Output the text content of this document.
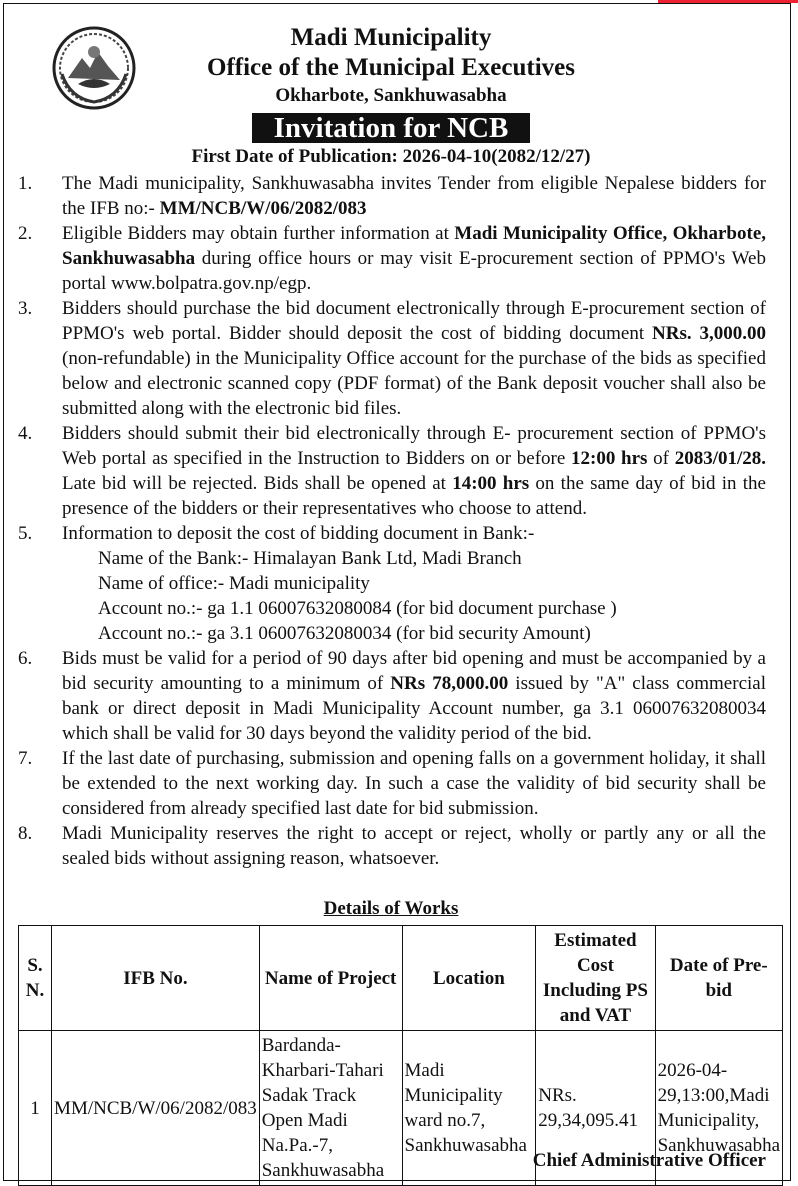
Madi Municipality
Office of the Municipal Executives
Okharbote, Sankhuwasabha
Invitation for NCB
First Date of Publication: 2026-04-10(2082/12/27)
1. The Madi municipality, Sankhuwasabha invites Tender from eligible Nepalese bidders for the IFB no:- MM/NCB/W/06/2082/083
2. Eligible Bidders may obtain further information at Madi Municipality Office, Okharbote, Sankhuwasabha during office hours or may visit E-procurement section of PPMO's Web portal www.bolpatra.gov.np/egp.
3. Bidders should purchase the bid document electronically through E-procurement section of PPMO's web portal. Bidder should deposit the cost of bidding document NRs. 3,000.00 (non-refundable) in the Municipality Office account for the purchase of the bids as specified below and electronic scanned copy (PDF format) of the Bank deposit voucher shall also be submitted along with the electronic bid files.
4. Bidders should submit their bid electronically through E- procurement section of PPMO's Web portal as specified in the Instruction to Bidders on or before 12:00 hrs of 2083/01/28. Late bid will be rejected. Bids shall be opened at 14:00 hrs on the same day of bid in the presence of the bidders or their representatives who choose to attend.
5. Information to deposit the cost of bidding document in Bank:-
Name of the Bank:- Himalayan Bank Ltd, Madi Branch
Name of office:- Madi municipality
Account no.:- ga 1.1 06007632080084 (for bid document purchase )
Account no.:- ga 3.1 06007632080034 (for bid security Amount)
6. Bids must be valid for a period of 90 days after bid opening and must be accompanied by a bid security amounting to a minimum of NRs 78,000.00 issued by "A" class commercial bank or direct deposit in Madi Municipality Account number, ga 3.1 06007632080034 which shall be valid for 30 days beyond the validity period of the bid.
7. If the last date of purchasing, submission and opening falls on a government holiday, it shall be extended to the next working day. In such a case the validity of bid security shall be considered from already specified last date for bid submission.
8. Madi Municipality reserves the right to accept or reject, wholly or partly any or all the sealed bids without assigning reason, whatsoever.
Details of Works
S. N.	IFB No.	Name of Project	Location	Estimated Cost Including PS and VAT	Date of Pre-bid
1	MM/NCB/W/06/2082/083	Bardanda-Kharbari-Tahari Sadak Track Open Madi Na.Pa.-7, Sankhuwasabha	Madi Municipality ward no.7, Sankhuwasabha	NRs. 29,34,095.41	2026-04-29,13:00,Madi Municipality, Sankhuwasabha
Chief Administrative Officer
